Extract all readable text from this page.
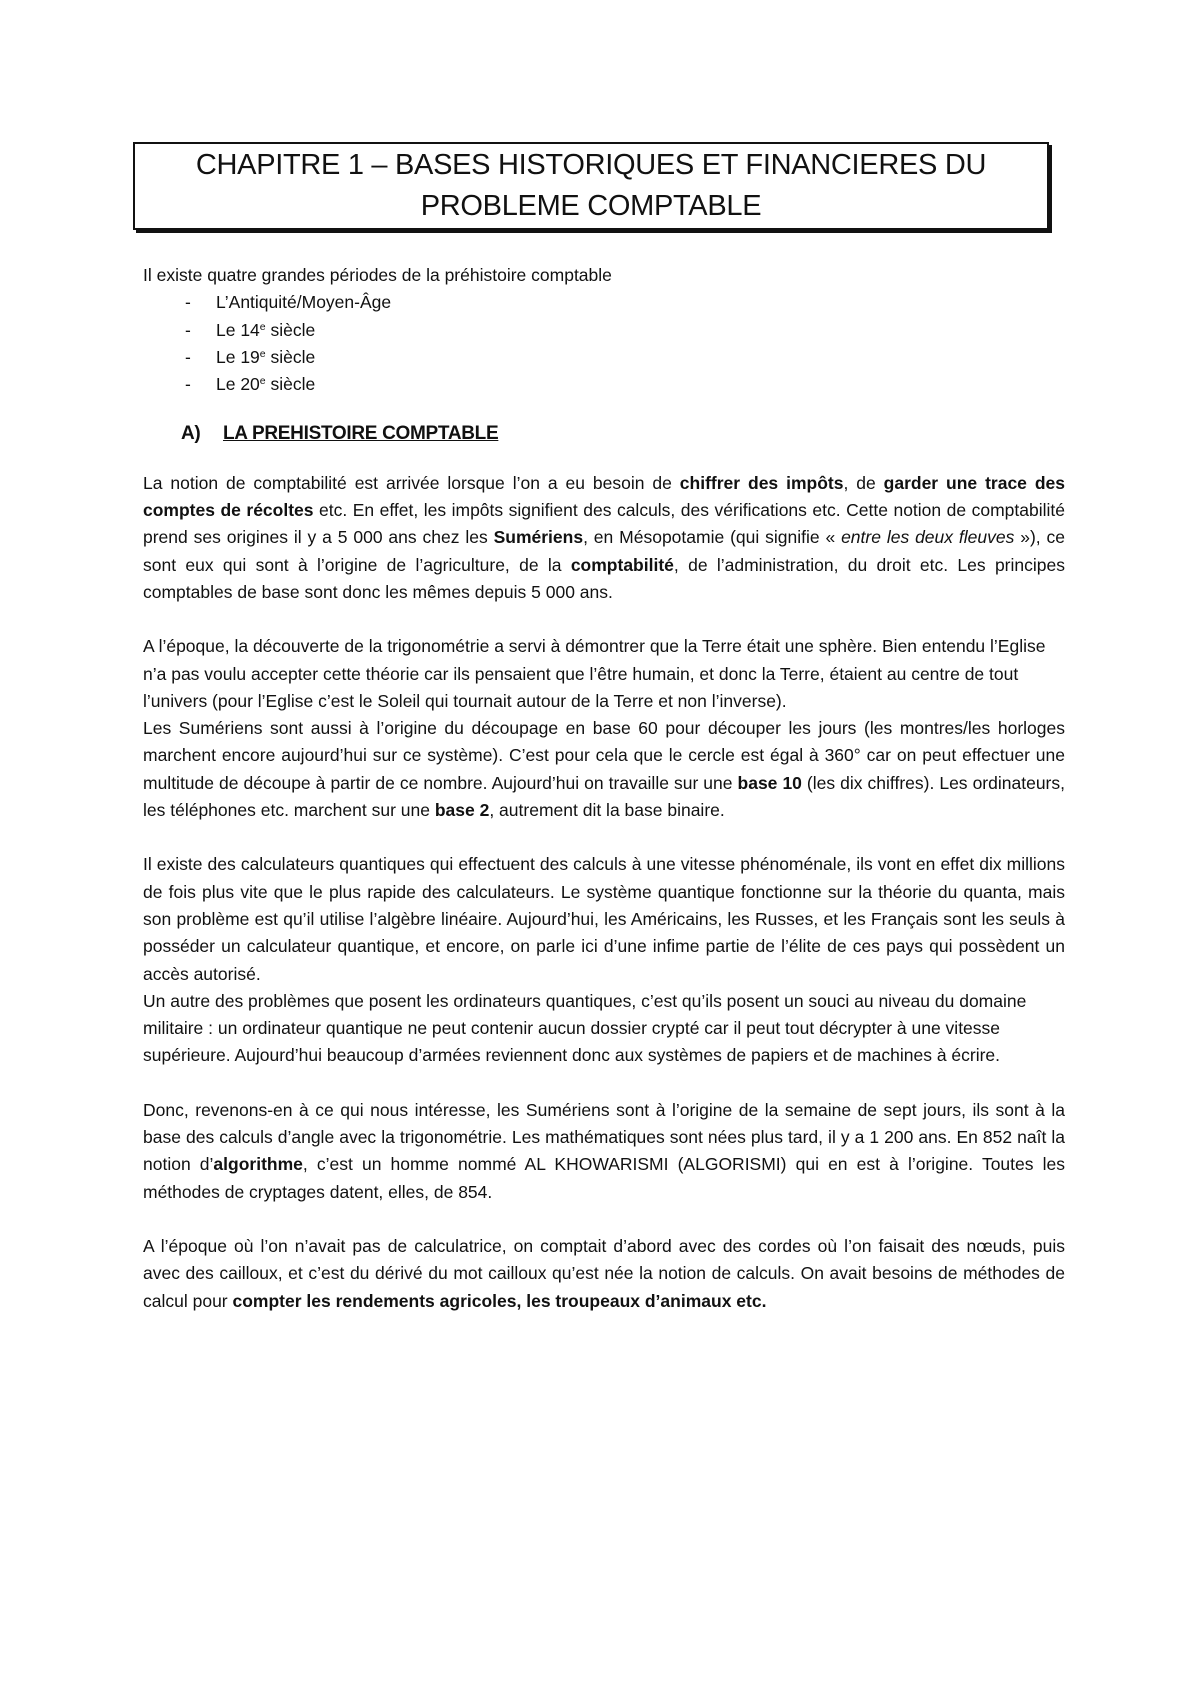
CHAPITRE 1 – BASES HISTORIQUES ET FINANCIERES DU
PROBLEME COMPTABLE

Il existe quatre grandes périodes de la préhistoire comptable

-	L’Antiquité/Moyen-Âge
-	Le 14e siècle
-	Le 19e siècle
-	Le 20e siècle
A)	LA PREHISTOIRE COMPTABLE

La notion de comptabilité est arrivée lorsque l’on a eu besoin de chiffrer des impôts, de garder une trace des comptes de récoltes etc. En effet, les impôts signifient des calculs, des vérifications etc. Cette notion de comptabilité prend ses origines il y a 5 000 ans chez les Sumériens, en Mésopotamie (qui signifie « entre les deux fleuves »), ce sont eux qui sont à l’origine de l’agriculture, de la comptabilité, de l’administration, du droit etc. Les principes comptables de base sont donc les mêmes depuis 5 000 ans.

A l’époque, la découverte de la trigonométrie a servi à démontrer que la Terre était une sphère. Bien entendu l’Eglise n’a pas voulu accepter cette théorie car ils pensaient que l’être humain, et donc la Terre, étaient au centre de tout l’univers (pour l’Eglise c’est le Soleil qui tournait autour de la Terre et non l’inverse).

Les Sumériens sont aussi à l’origine du découpage en base 60 pour découper les jours (les montres/les horloges marchent encore aujourd’hui sur ce système). C’est pour cela que le cercle est égal à 360° car on peut effectuer une multitude de découpe à partir de ce nombre. Aujourd’hui on travaille sur une base 10 (les dix chiffres). Les ordinateurs, les téléphones etc. marchent sur une base 2, autrement dit la base binaire.

Il existe des calculateurs quantiques qui effectuent des calculs à une vitesse phénoménale, ils vont en effet dix millions de fois plus vite que le plus rapide des calculateurs. Le système quantique fonctionne sur la théorie du quanta, mais son problème est qu’il utilise l’algèbre linéaire. Aujourd’hui, les Américains, les Russes, et les Français sont les seuls à posséder un calculateur quantique, et encore, on parle ici d’une infime partie de l’élite de ces pays qui possèdent un accès autorisé.

Un autre des problèmes que posent les ordinateurs quantiques, c’est qu’ils posent un souci au niveau du domaine militaire : un ordinateur quantique ne peut contenir aucun dossier crypté car il peut tout décrypter à une vitesse supérieure. Aujourd’hui beaucoup d’armées reviennent donc aux systèmes de papiers et de machines à écrire.

Donc, revenons-en à ce qui nous intéresse, les Sumériens sont à l’origine de la semaine de sept jours, ils sont à la base des calculs d’angle avec la trigonométrie. Les mathématiques sont nées plus tard, il y a 1 200 ans. En 852 naît la notion d’algorithme, c’est un homme nommé AL KHOWARISMI (ALGORISMI) qui en est à l’origine. Toutes les méthodes de cryptages datent, elles, de 854.

A l’époque où l’on n’avait pas de calculatrice, on comptait d’abord avec des cordes où l’on faisait des nœuds, puis avec des cailloux, et c’est du dérivé du mot cailloux qu’est née la notion de calculs. On avait besoins de méthodes de calcul pour compter les rendements agricoles, les troupeaux d’animaux etc.
